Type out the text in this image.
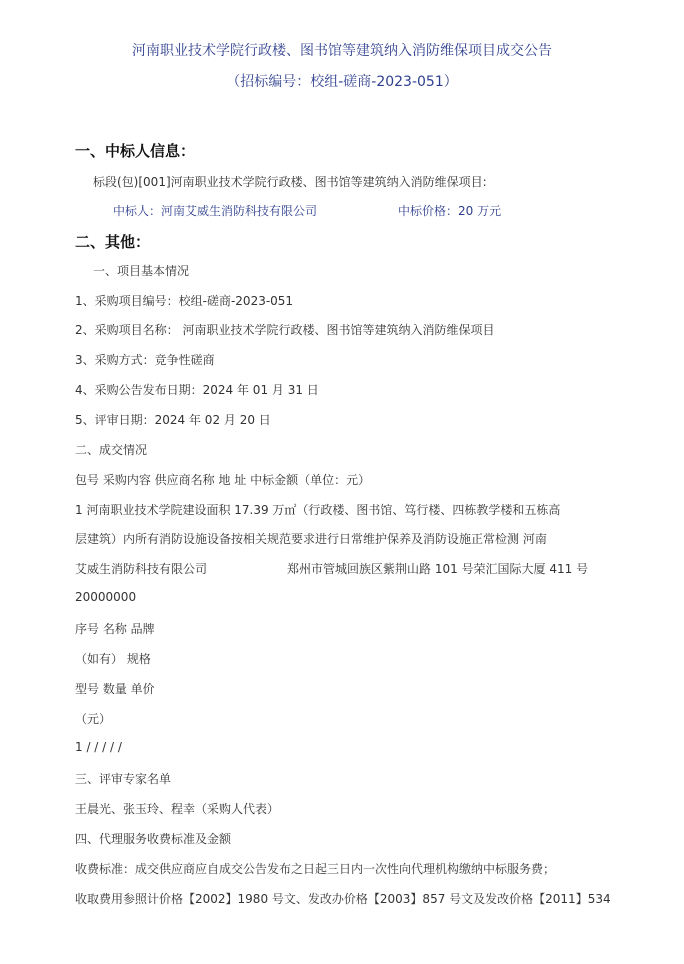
河南职业技术学院行政楼、图书馆等建筑纳入消防维保项目成交公告
（招标编号：校组-磋商-2023-051）
一、中标人信息：
标段(包)[001]河南职业技术学院行政楼、图书馆等建筑纳入消防维保项目:
中标人：河南艾威生消防科技有限公司	中标价格：20 万元
二、其他：
一、项目基本情况
1、采购项目编号：校组-磋商-2023-051
2、采购项目名称： 河南职业技术学院行政楼、图书馆等建筑纳入消防维保项目
3、采购方式：竞争性磋商
4、采购公告发布日期：2024 年 01 月 31 日
5、评审日期：2024 年 02 月 20 日
二、成交情况
包号 采购内容 供应商名称 地 址 中标金额（单位：元）
1 河南职业技术学院建设面积 17.39 万㎡（行政楼、图书馆、笃行楼、四栋教学楼和五栋高
层建筑）内所有消防设施设备按相关规范要求进行日常维护保养及消防设施正常检测 河南
艾威生消防科技有限公司	郑州市管城回族区紫荆山路 101 号荣汇国际大厦 411 号
20000000
序号 名称 品牌
（如有） 规格
型号 数量 单价
（元）
1 / / / / /
三、评审专家名单
王晨光、张玉玲、程幸（采购人代表）
四、代理服务收费标准及金额
收费标准：成交供应商应自成交公告发布之日起三日内一次性向代理机构缴纳中标服务费；
收取费用参照计价格【2002】1980 号文、发改办价格【2003】857 号文及发改价格【2011】534
